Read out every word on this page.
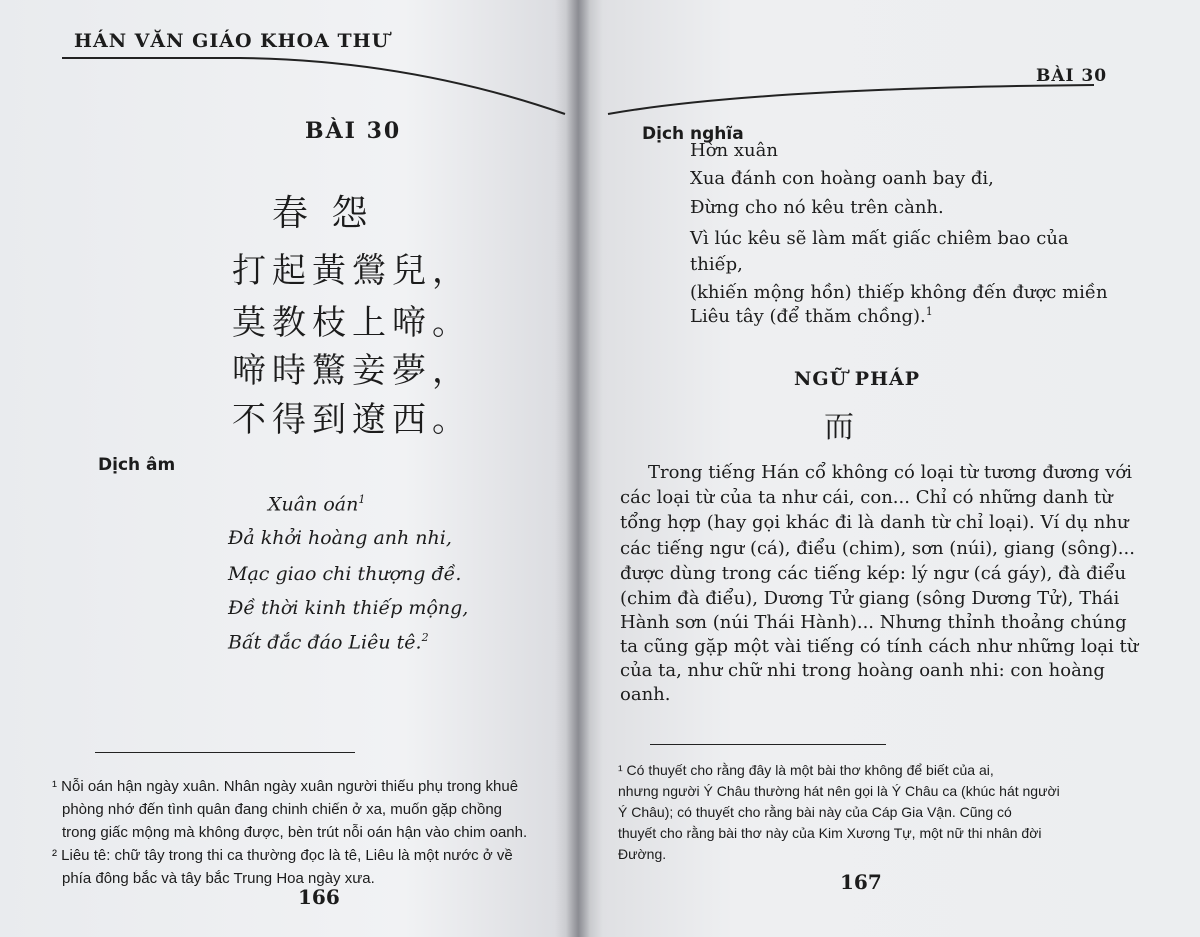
HÁN VĂN GIÁO KHOA THƯ
BÀI 30
春 怨
打起黃鶯兒，
莫教枝上啼。
啼時驚妾夢，
不得到遼西。
Dịch âm
Xuân oán$^1$
Đả khởi hoàng anh nhi,
Mạc giao chi thượng đề.
Đề thời kinh thiếp mộng,
Bất đắc đáo Liêu tê.$^2$
¹ Nỗi oán hận ngày xuân. Nhân ngày xuân người thiếu phụ trong khuê
phòng nhớ đến tình quân đang chinh chiến ở xa, muốn gặp chồng
trong giấc mộng mà không được, bèn trút nỗi oán hận vào chim oanh.
² Liêu tê: chữ tây trong thi ca thường đọc là tê, Liêu là một nước ở về
phía đông bắc và tây bắc Trung Hoa ngày xưa.
166
BÀI 30
Dịch nghĩa
Hờn xuân
Xua đánh con hoàng oanh bay đi,
Đừng cho nó kêu trên cành.
Vì lúc kêu sẽ làm mất giấc chiêm bao của
thiếp,
(khiến mộng hồn) thiếp không đến được miền
Liêu tây (để thăm chồng).$^1$
NGỮ PHÁP
而
Trong tiếng Hán cổ không có loại từ tương đương với
các loại từ của ta như cái, con... Chỉ có những danh từ
tổng hợp (hay gọi khác đi là danh từ chỉ loại). Ví dụ như
các tiếng ngư (cá), điểu (chim), sơn (núi), giang (sông)...
được dùng trong các tiếng kép: lý ngư (cá gáy), đà điểu
(chim đà điểu), Dương Tử giang (sông Dương Tử), Thái
Hành sơn (núi Thái Hành)... Nhưng thỉnh thoảng chúng
ta cũng gặp một vài tiếng có tính cách như những loại từ
của ta, như chữ nhi trong hoàng oanh nhi: con hoàng
oanh.
¹ Có thuyết cho rằng đây là một bài thơ không để biết của ai,
nhưng người Ý Châu thường hát nên gọi là Ý Châu ca (khúc hát người
Ý Châu); có thuyết cho rằng bài này của Cáp Gia Vận. Cũng có
thuyết cho rằng bài thơ này của Kim Xương Tự, một nữ thi nhân đời
Đường.
167
